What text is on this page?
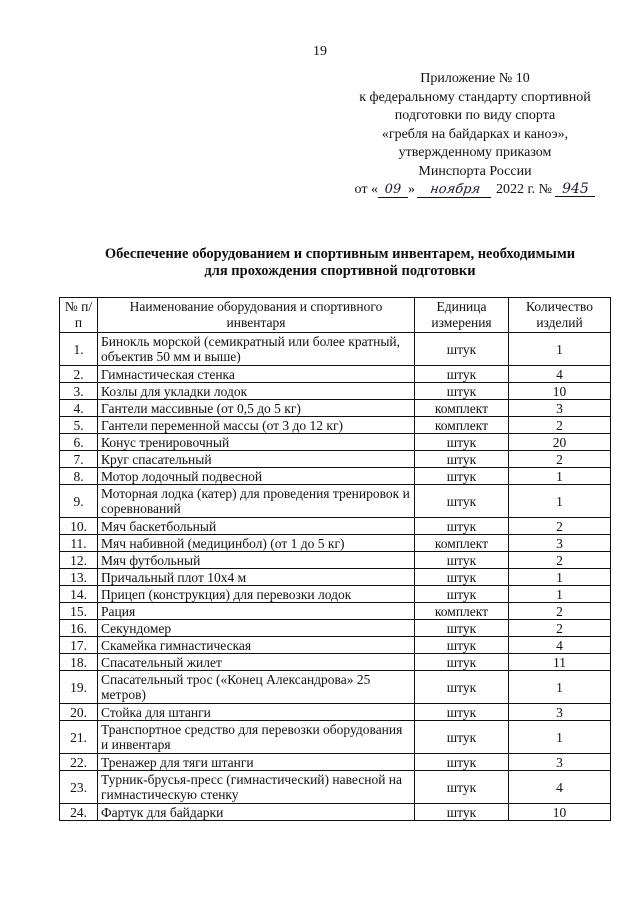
19
Приложение № 10
к федеральному стандарту спортивной
подготовки по виду спорта
«гребля на байдарках и каноэ»,
утвержденному приказом
Минспорта России
от « 09 » ноября 2022 г. № 945
Обеспечение оборудованием и спортивным инвентарем, необходимыми
для прохождения спортивной подготовки
№ п/п	Наименование оборудования и спортивного инвентаря	Единица измерения	Количество изделий
1.	Бинокль морской (семикратный или более кратный, объектив 50 мм и выше)	штук	1
2.	Гимнастическая стенка	штук	4
3.	Козлы для укладки лодок	штук	10
4.	Гантели массивные (от 0,5 до 5 кг)	комплект	3
5.	Гантели переменной массы (от 3 до 12 кг)	комплект	2
6.	Конус тренировочный	штук	20
7.	Круг спасательный	штук	2
8.	Мотор лодочный подвесной	штук	1
9.	Моторная лодка (катер) для проведения тренировок и соревнований	штук	1
10.	Мяч баскетбольный	штук	2
11.	Мяч набивной (медицинбол) (от 1 до 5 кг)	комплект	3
12.	Мяч футбольный	штук	2
13.	Причальный плот 10х4 м	штук	1
14.	Прицеп (конструкция) для перевозки лодок	штук	1
15.	Рация	комплект	2
16.	Секундомер	штук	2
17.	Скамейка гимнастическая	штук	4
18.	Спасательный жилет	штук	11
19.	Спасательный трос («Конец Александрова» 25 метров)	штук	1
20.	Стойка для штанги	штук	3
21.	Транспортное средство для перевозки оборудования и инвентаря	штук	1
22.	Тренажер для тяги штанги	штук	3
23.	Турник-брусья-пресс (гимнастический) навесной на гимнастическую стенку	штук	4
24.	Фартук для байдарки	штук	10
